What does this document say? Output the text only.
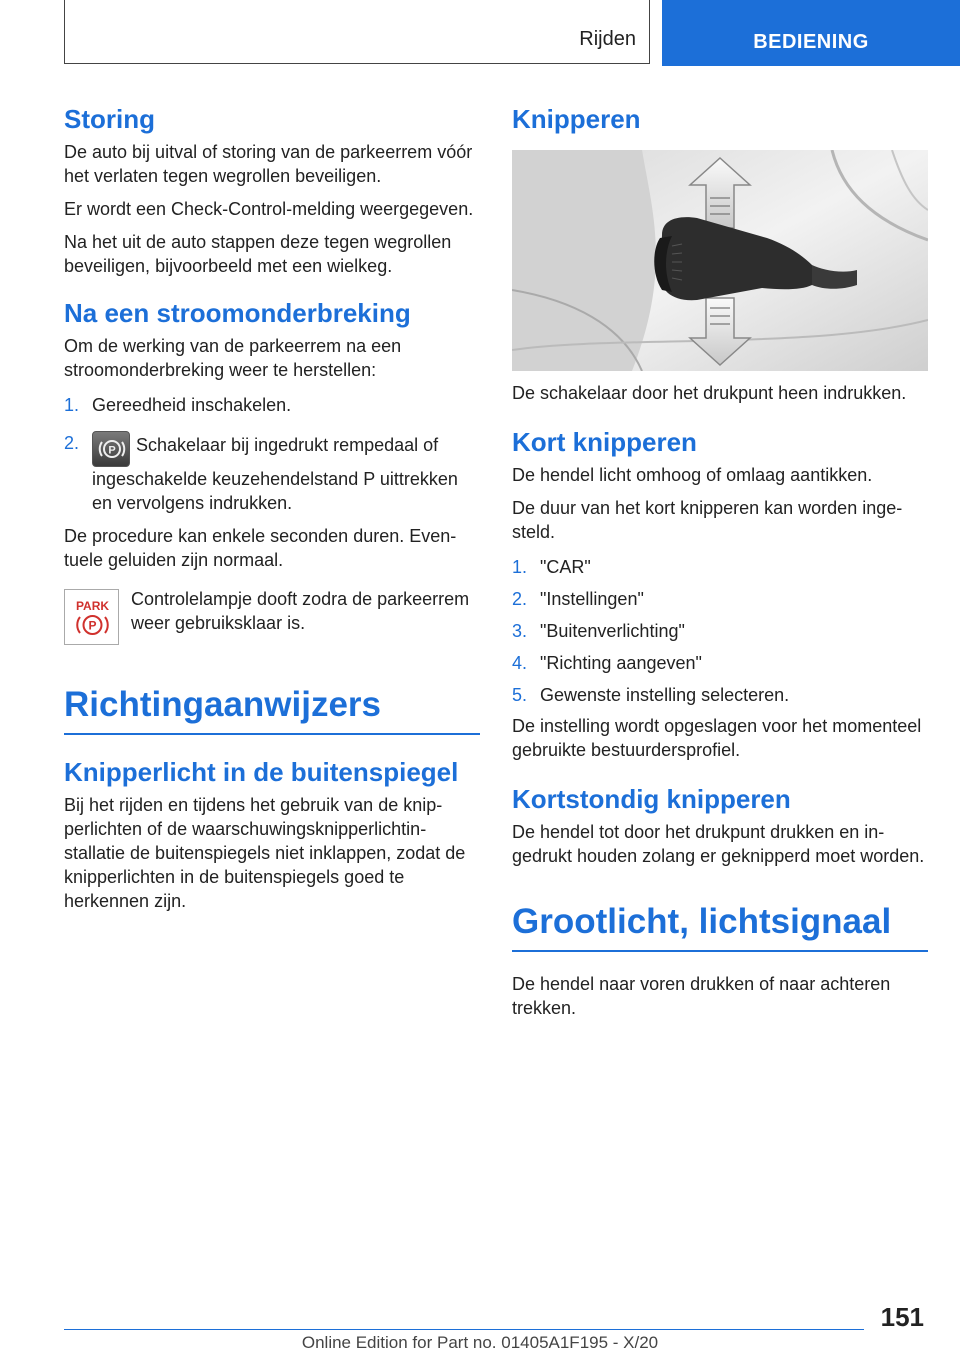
Rijden	BEDIENING
Storing

De auto bij uitval of storing van de parkeerrem vóór het verlaten tegen wegrollen beveiligen.

Er wordt een Check-Control-melding weergegeven.

Na het uit de auto stappen deze tegen wegrollen beveiligen, bijvoorbeeld met een wielkeg.

Na een stroomonderbreking

Om de werking van de parkeerrem na een stroomonderbreking weer te herstellen:

1. Gereedheid inschakelen.
2.	P Schakelaar bij ingedrukt rempedaal of ingeschakelde keuzehendelstand P uittrekken en vervolgens indrukken.

De procedure kan enkele seconden duren. Eventuele geluiden zijn normaal.

PARK
P

Controlelampje dooft zodra de parkeerrem weer gebruiksklaar is.

Richtingaanwijzers
Knipperlicht in de buitenspiegel

Bij het rijden en tijdens het gebruik van de knipperlichten of de waarschuwingsknipperlichtinstallatie de buitenspiegels niet inklappen, zodat de knipperlichten in de buitenspiegels goed te herkennen zijn.

Knipperen

De schakelaar door het drukpunt heen indrukken.

Kort knipperen

De hendel licht omhoog of omlaag aantikken.

De duur van het kort knipperen kan worden ingesteld.

1. "CAR"
2. "Instellingen"
3. "Buitenverlichting"
4. "Richting aangeven"
5. Gewenste instelling selecteren.

De instelling wordt opgeslagen voor het momenteel gebruikte bestuurdersprofiel.

Kortstondig knipperen

De hendel tot door het drukpunt drukken en ingedrukt houden zolang er geknipperd moet worden.

Grootlicht, lichtsignaal

De hendel naar voren drukken of naar achteren trekken.

151
Online Edition for Part no. 01405A1F195 - X/20
